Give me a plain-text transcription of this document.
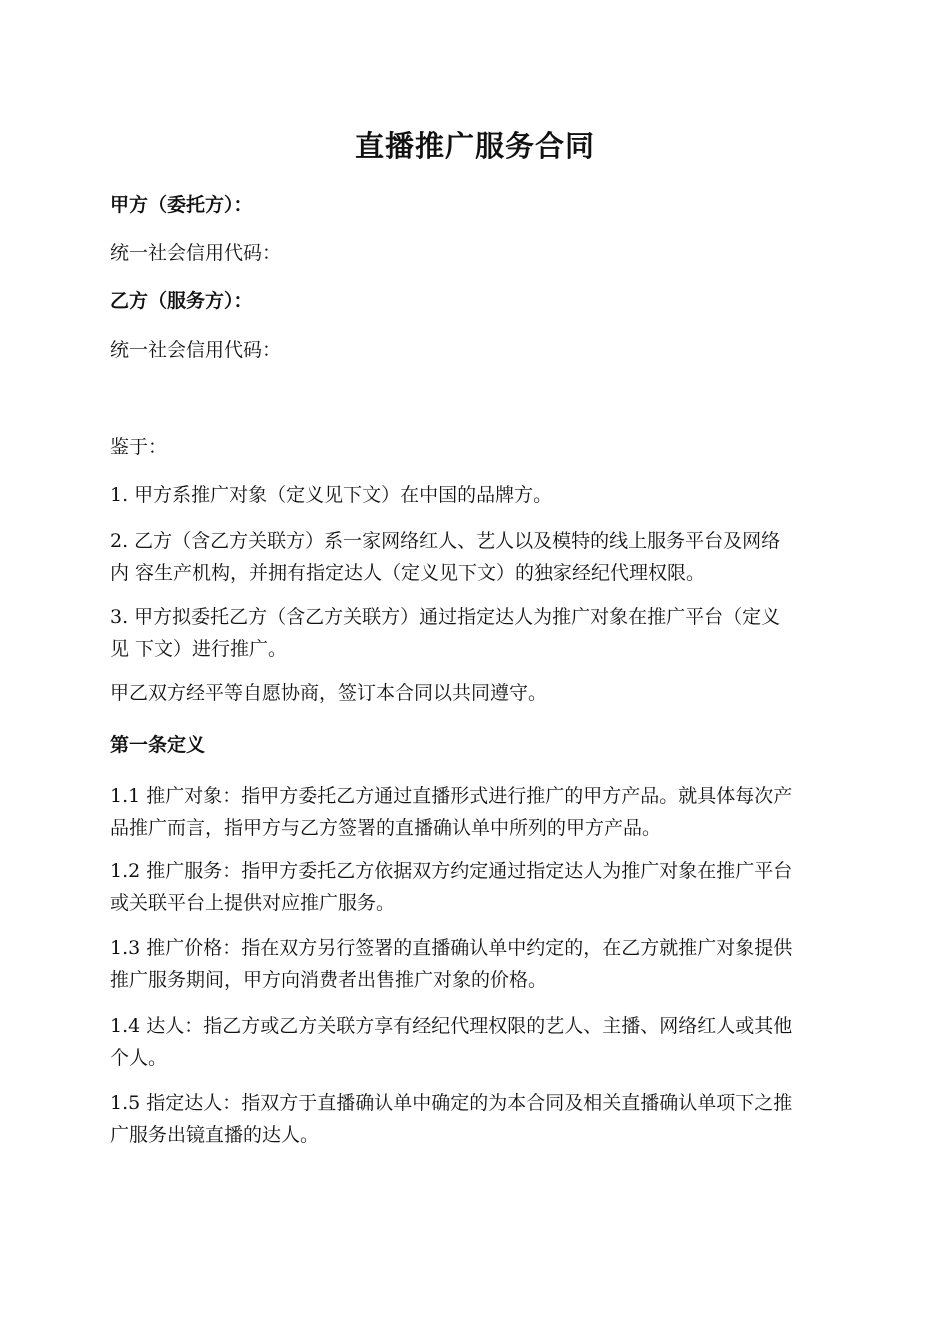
直播推广服务合同
甲方（委托方）：
统一社会信用代码：
乙方（服务方）：
统一社会信用代码：
鉴于：
1. 甲方系推广对象（定义见下文）在中国的品牌方。
2. 乙方（含乙方关联方）系一家网络红人、艺人以及模特的线上服务平台及网络
内 容生产机构，并拥有指定达人（定义见下文）的独家经纪代理权限。
3. 甲方拟委托乙方（含乙方关联方）通过指定达人为推广对象在推广平台（定义
见 下文）进行推广。
甲乙双方经平等自愿协商，签订本合同以共同遵守。
第一条定义
1.1 推广对象：指甲方委托乙方通过直播形式进行推广的甲方产品。就具体每次产
品推广而言，指甲方与乙方签署的直播确认单中所列的甲方产品。
1.2 推广服务：指甲方委托乙方依据双方约定通过指定达人为推广对象在推广平台
或关联平台上提供对应推广服务。
1.3 推广价格：指在双方另行签署的直播确认单中约定的，在乙方就推广对象提供
推广服务期间，甲方向消费者出售推广对象的价格。
1.4 达人：指乙方或乙方关联方享有经纪代理权限的艺人、主播、网络红人或其他
个人。
1.5 指定达人：指双方于直播确认单中确定的为本合同及相关直播确认单项下之推
广服务出镜直播的达人。
